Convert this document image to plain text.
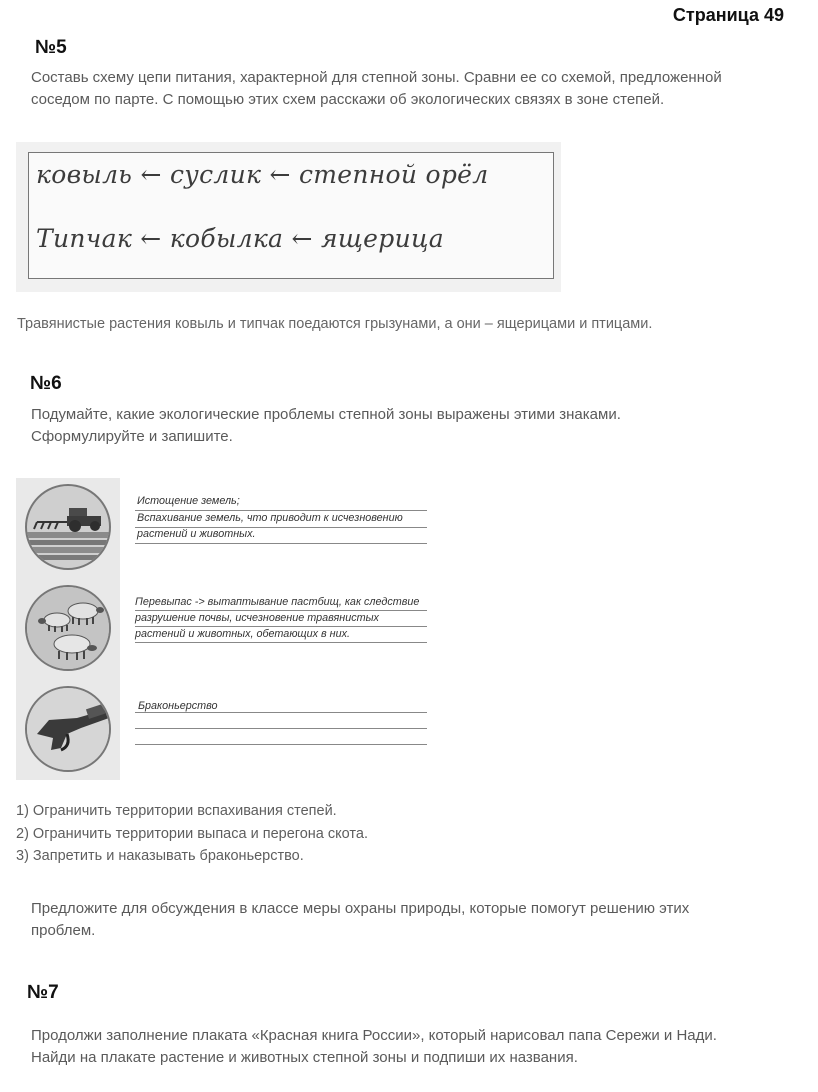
Страница 49
№5

Составь схему цепи питания, характерной для степной зоны. Сравни ее со схемой, предложенной

соседом по парте. С помощью этих схем расскажи об экологических связях в зоне степей.

ковыль ← суслик ← степной орёл
Типчак ← кобылка ← ящерица
Травянистые растения ковыль и типчак поедаются грызунами, а они – ящерицами и птицами.
№6

Подумайте, какие экологические проблемы степной зоны выражены этими знаками.

Сформулируйте и запишите.

Истощение земель;
Вспахивание земель, что приводит к исчезновению
растений и животных.
Перевыпас -> вытаптывание пастбищ, как следствие
разрушение почвы, исчезновение травянистых
растений и животных, обетающих в них.
Браконьерство
1) Ограничить территории вспахивания степей.
2) Ограничить территории выпаса и перегона скота.
3) Запретить и наказывать браконьерство.

Предложите для обсуждения в классе меры охраны природы, которые помогут решению этих

проблем.

№7

Продолжи заполнение плаката «Красная книга России», который нарисовал папа Сережи и Нади.

Найди на плакате растение и животных степной зоны и подпиши их названия.
